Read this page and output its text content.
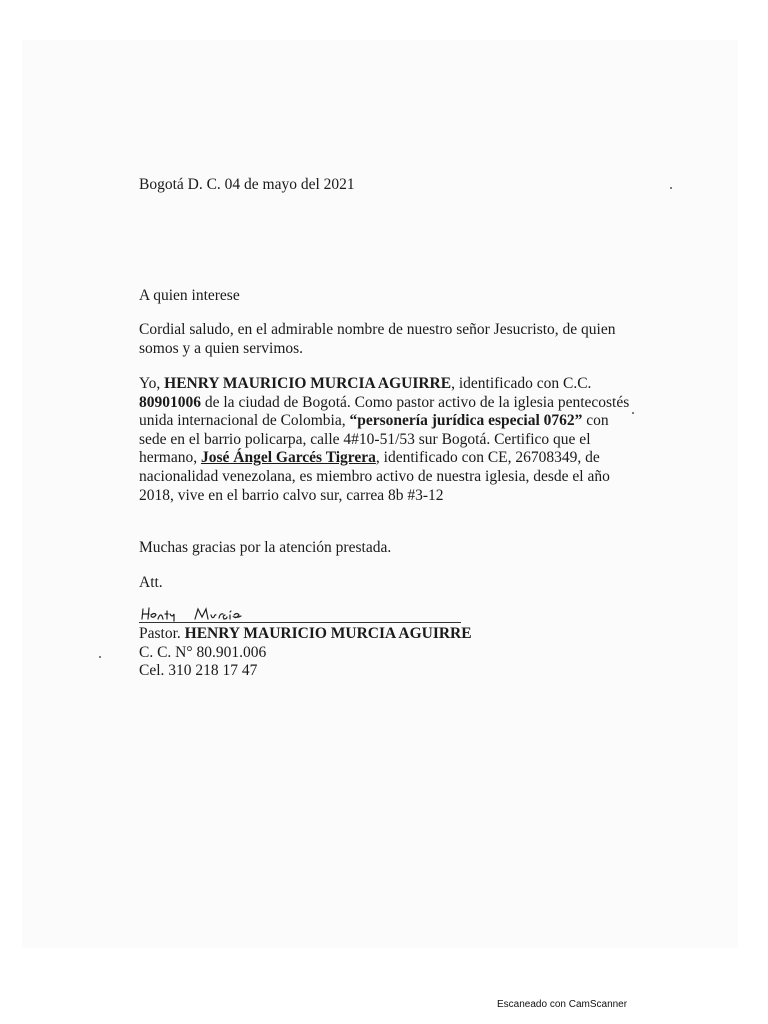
Bogotá D. C. 04 de mayo del 2021

A quien interese

Cordial saludo, en el admirable nombre de nuestro señor Jesucristo, de quien somos y a quien servimos.

Yo, HENRY MAURICIO MURCIA AGUIRRE, identificado con C.C. 80901006 de la ciudad de Bogotá. Como pastor activo de la iglesia pentecostés unida internacional de Colombia, “personería jurídica especial 0762” con sede en el barrio policarpa, calle 4#10-51/53 sur Bogotá. Certifico que el hermano, José Ángel Garcés Tigrera, identificado con CE, 26708349, de nacionalidad venezolana, es miembro activo de nuestra iglesia, desde el año 2018, vive en el barrio calvo sur, carrea 8b #3-12

Muchas gracias por la atención prestada.

Att.

Pastor. HENRY MAURICIO MURCIA AGUIRRE

C. C. N° 80.901.006

Cel. 310 218 17 47

Escaneado con CamScanner
